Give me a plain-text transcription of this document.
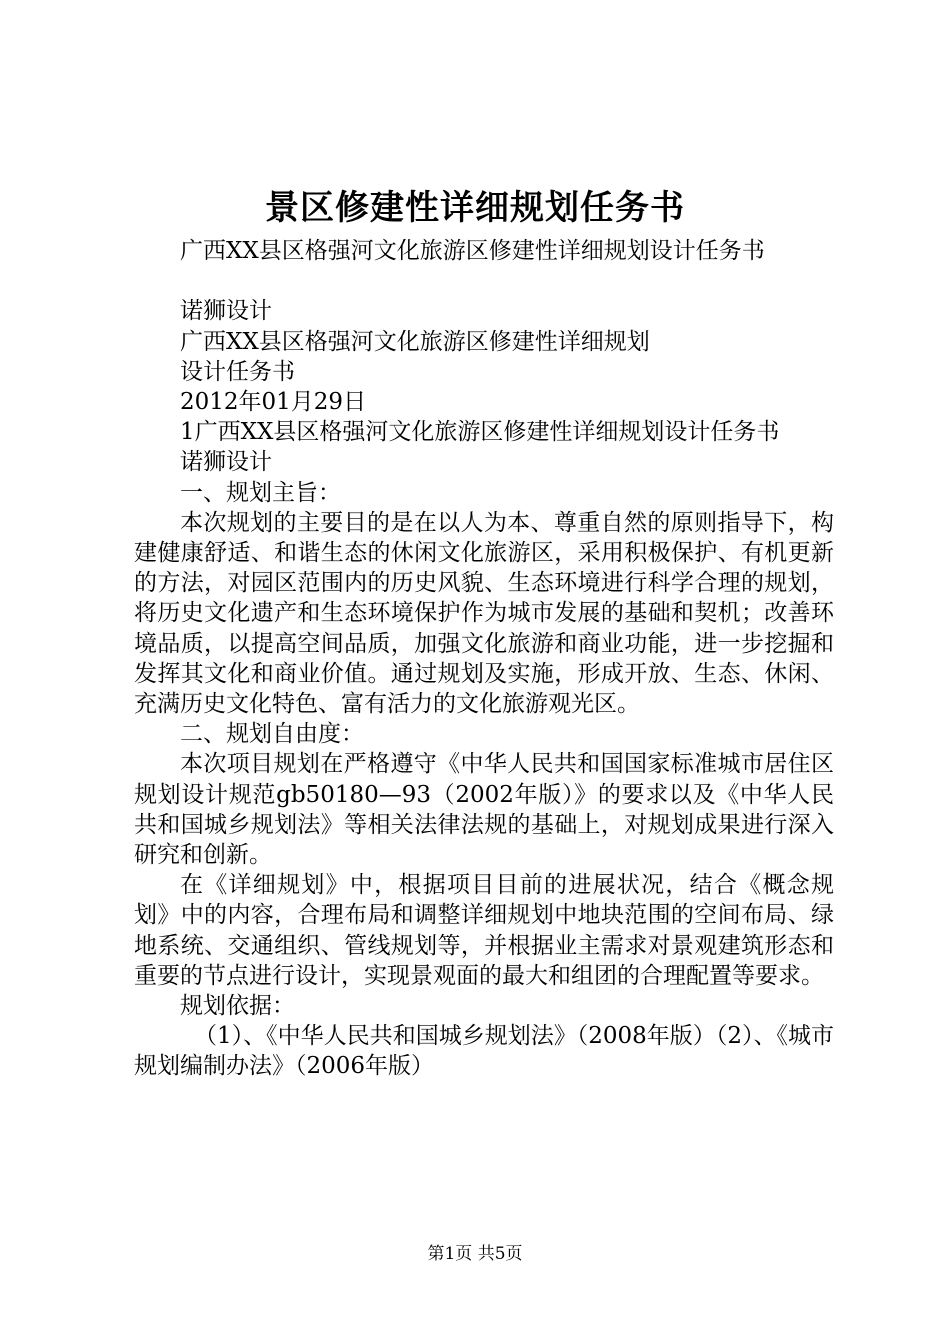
景区修建性详细规划任务书

广西XX县区格强河文化旅游区修建性详细规划设计任务书

诺狮设计

广西XX县区格强河文化旅游区修建性详细规划

设计任务书

2012年01月29日

1广西XX县区格强河文化旅游区修建性详细规划设计任务书

诺狮设计

一、规划主旨：

本次规划的主要目的是在以人为本、尊重自然的原则指导下，构建健康舒适、和谐生态的休闲文化旅游区，采用积极保护、有机更新的方法，对园区范围内的历史风貌、生态环境进行科学合理的规划，将历史文化遗产和生态环境保护作为城市发展的基础和契机；改善环境品质，以提高空间品质，加强文化旅游和商业功能，进一步挖掘和发挥其文化和商业价值。通过规划及实施，形成开放、生态、休闲、充满历史文化特色、富有活力的文化旅游观光区。

二、规划自由度：

本次项目规划在严格遵守《中华人民共和国国家标准城市居住区规划设计规范gb50180—93（2002年版）》的要求以及《中华人民共和国城乡规划法》等相关法律法规的基础上，对规划成果进行深入研究和创新。

在《详细规划》中，根据项目目前的进展状况，结合《概念规划》中的内容，合理布局和调整详细规划中地块范围的空间布局、绿地系统、交通组织、管线规划等，并根据业主需求对景观建筑形态和重要的节点进行设计，实现景观面的最大和组团的合理配置等要求。

规划依据：

（1）、《中华人民共和国城乡规划法》（2008年版）（2）、《城市规划编制办法》（2006年版）

第1页 共5页
